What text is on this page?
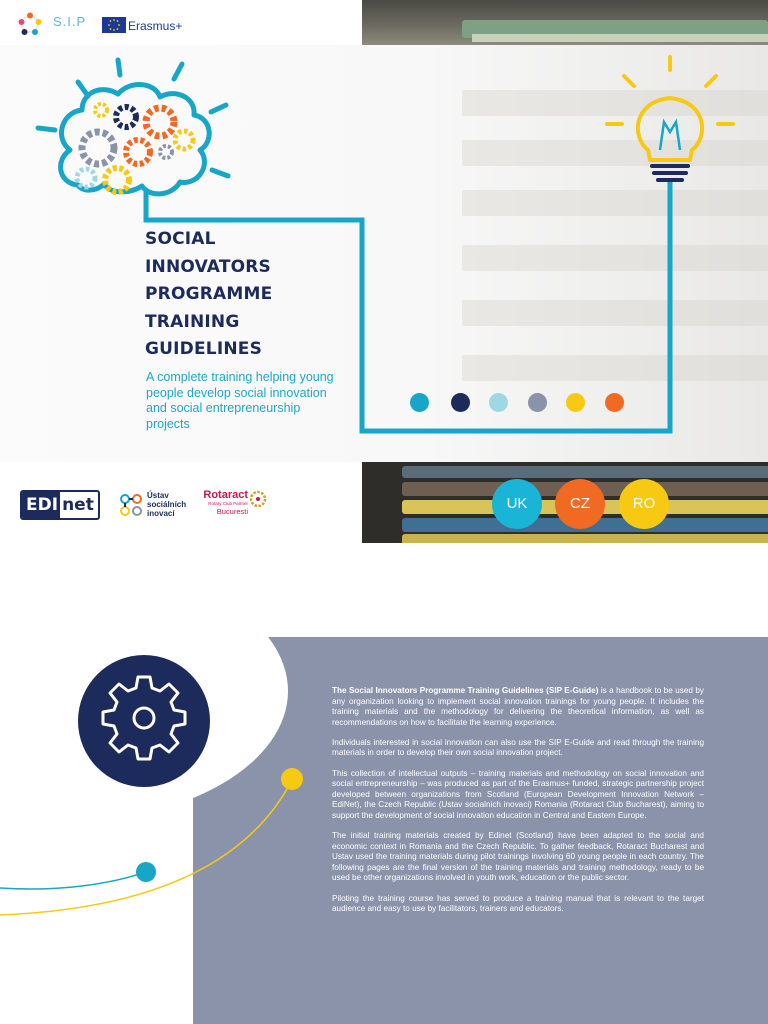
S.I.P	Erasmus+
SOCIAL
INNOVATORS
PROGRAMME
TRAINING
GUIDELINES
A complete training helping young people develop social innovation and social entrepreneurship projects
EDI net	Ústav
sociálních
inovací
Rotaract
Rotary Club Partner
Bucuresti	UK	CZ	RO

The Social Innovators Programme Training Guidelines (SIP E-Guide) is a handbook to be used by any organization looking to implement social innovation trainings for young people. It includes the training materials and the methodology for delivering the theoretical information, as well as recommendations on how to facilitate the learning experience.

Individuals interested in social innovation can also use the SIP E-Guide and read through the training materials in order to develop their own social innovation project.

This collection of intellectual outputs – training materials and methodology on social innovation and social entrepreneurship – was produced as part of the Erasmus+ funded, strategic partnership project developed between organizations from Scotland (European Development Innovation Network – EdiNet), the Czech Republic (Ustav socialnich inovaci) Romania (Rotaract Club Bucharest), aiming to support the development of social innovation education in Central and Eastern Europe.

The initial training materials created by Edinet (Scotland) have been adapted to the social and economic context in Romania and the Czech Republic. To gather feedback, Rotaract Bucharest and Ustav used the training materials during pilot trainings involving 60 young people in each country. The following pages are the final version of the training materials and training methodology, ready to be used be other organizations involved in youth work, education or the public sector.

Piloting the training course has served to produce a training manual that is relevant to the target audience and easy to use by facilitators, trainers and educators.
